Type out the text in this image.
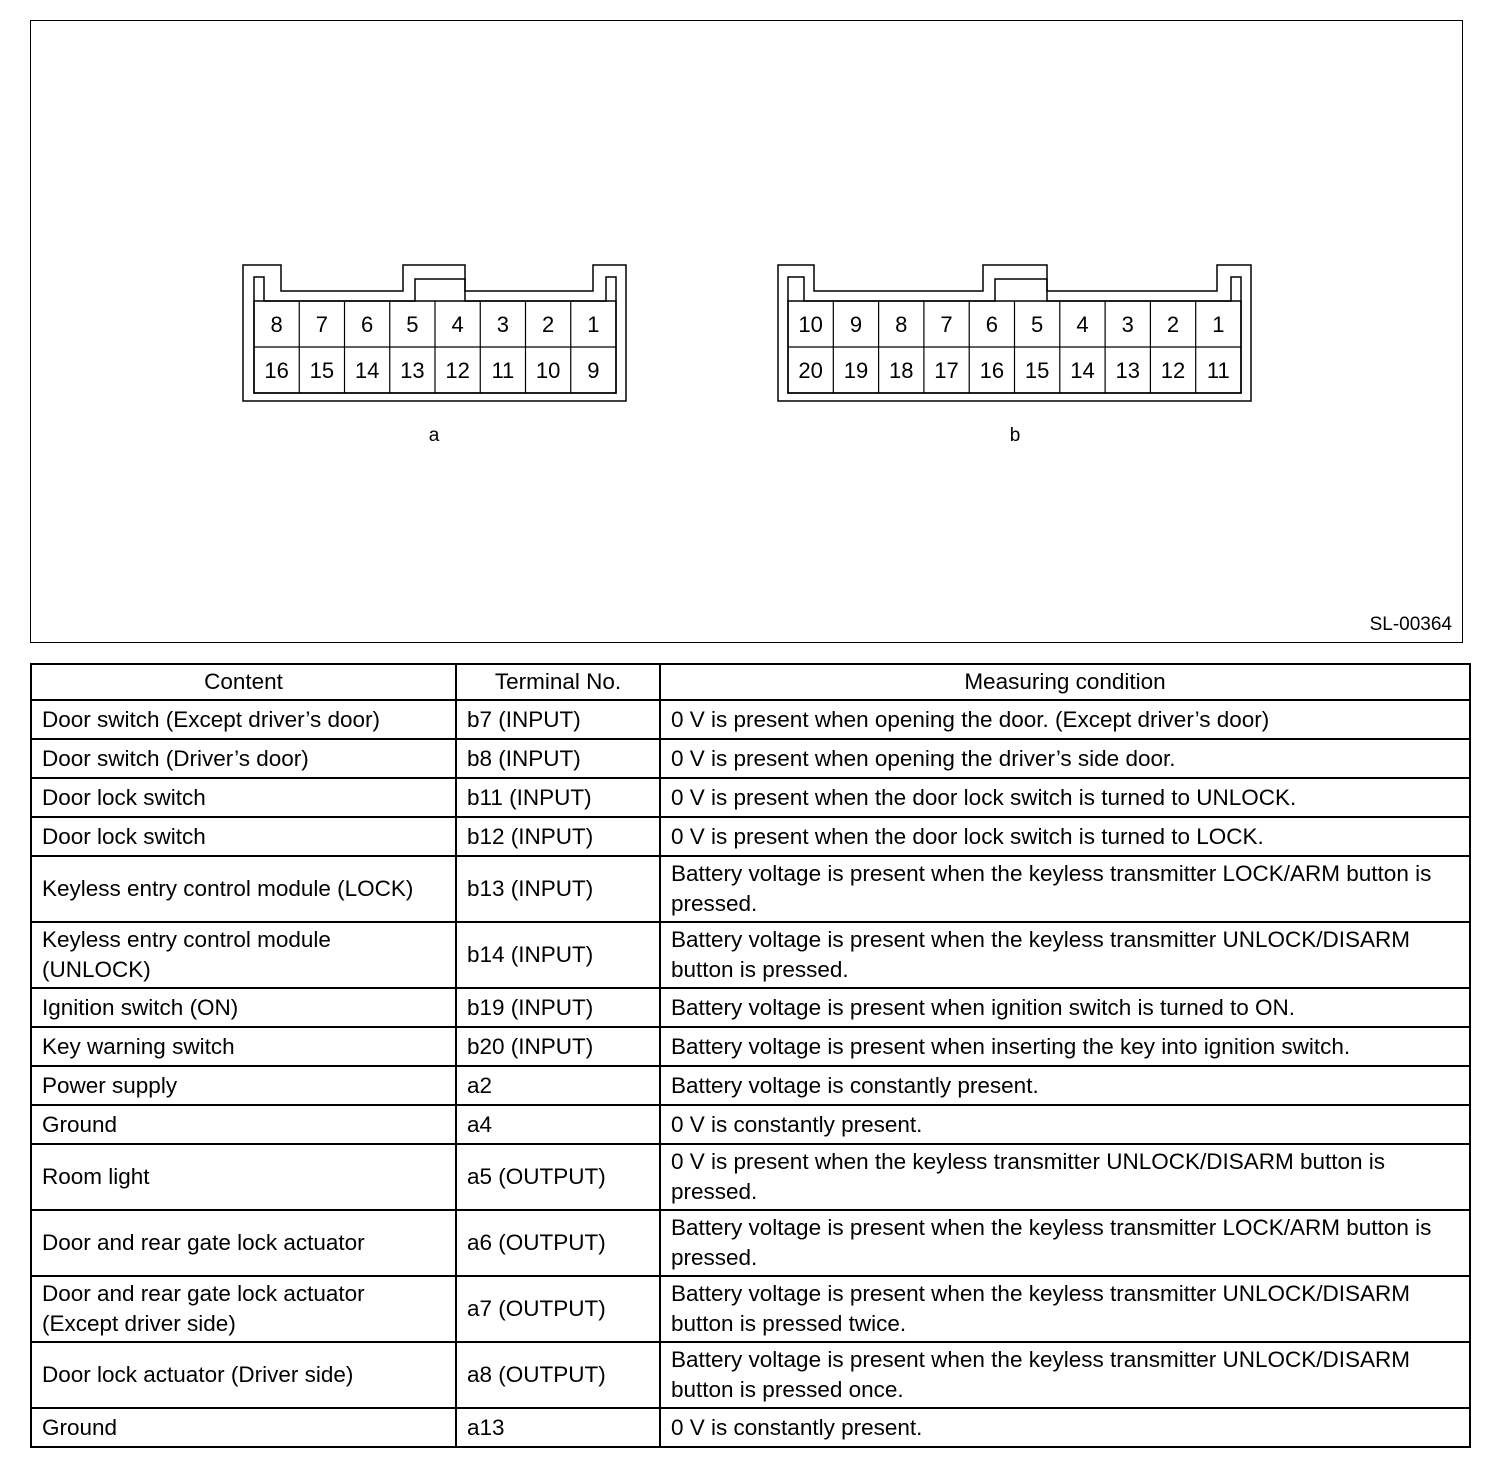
8 7 6 5 4 3 2 1
16 15 14 13 12 11 10 9
10 9 8 7 6 5 4 3 2 1
20 19 18 17 16 15 14 13 12 11
a	b
SL-00364
Content	Terminal No.	Measuring condition
Door switch (Except driver’s door)	b7 (INPUT)	0 V is present when opening the door. (Except driver’s door)
Door switch (Driver’s door)	b8 (INPUT)	0 V is present when opening the driver’s side door.
Door lock switch	b11 (INPUT)	0 V is present when the door lock switch is turned to UNLOCK.
Door lock switch	b12 (INPUT)	0 V is present when the door lock switch is turned to LOCK.
Keyless entry control module (LOCK)	b13 (INPUT)	Battery voltage is present when the keyless transmitter LOCK/ARM button is pressed.
Keyless entry control module (UNLOCK)	b14 (INPUT)	Battery voltage is present when the keyless transmitter UNLOCK/DISARM button is pressed.
Ignition switch (ON)	b19 (INPUT)	Battery voltage is present when ignition switch is turned to ON.
Key warning switch	b20 (INPUT)	Battery voltage is present when inserting the key into ignition switch.
Power supply	a2	Battery voltage is constantly present.
Ground	a4	0 V is constantly present.
Room light	a5 (OUTPUT)	0 V is present when the keyless transmitter UNLOCK/DISARM button is pressed.
Door and rear gate lock actuator	a6 (OUTPUT)	Battery voltage is present when the keyless transmitter LOCK/ARM button is pressed.
Door and rear gate lock actuator (Except driver side)	a7 (OUTPUT)	Battery voltage is present when the keyless transmitter UNLOCK/DISARM button is pressed twice.
Door lock actuator (Driver side)	a8 (OUTPUT)	Battery voltage is present when the keyless transmitter UNLOCK/DISARM button is pressed once.
Ground	a13	0 V is constantly present.
